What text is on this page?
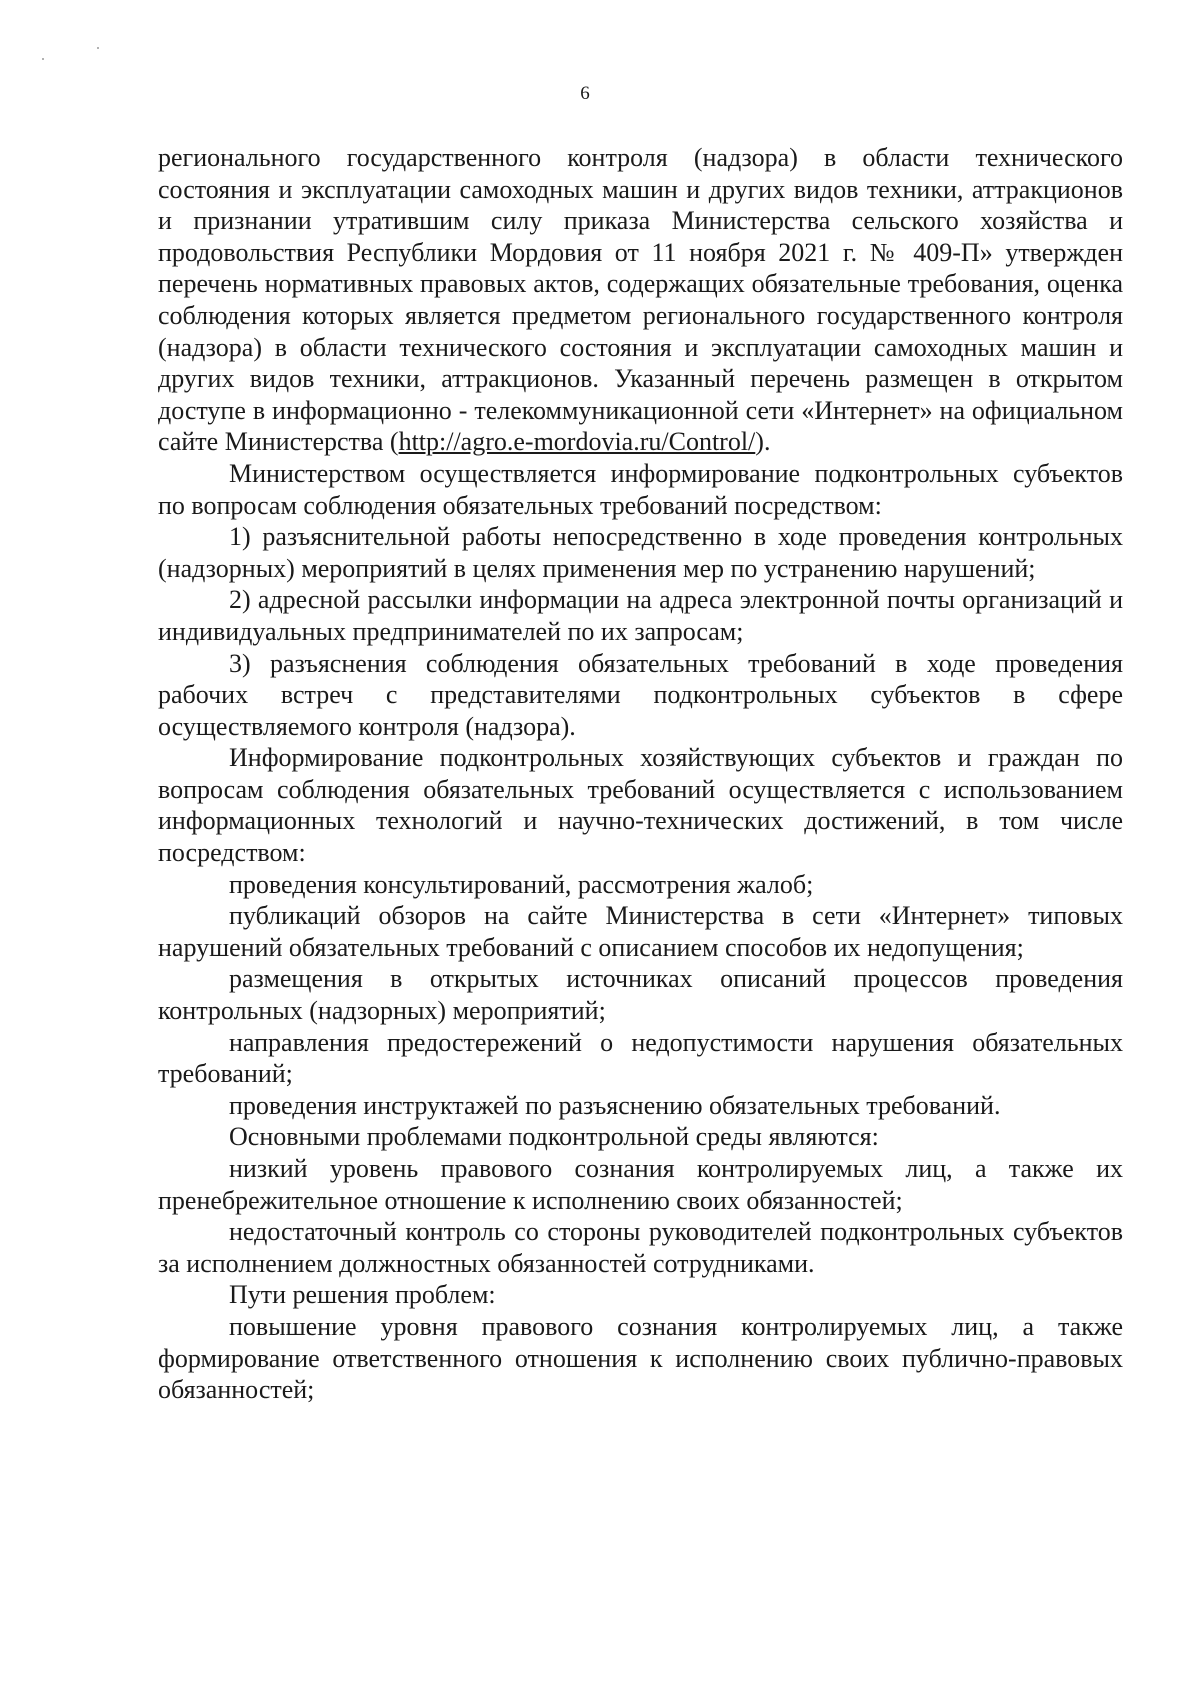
6

регионального государственного контроля (надзора) в области технического состояния и эксплуатации самоходных машин и других видов техники, аттракционов и признании утратившим силу приказа Министерства сельского хозяйства и продовольствия Республики Мордовия от 11 ноября 2021 г. № 409-П» утвержден перечень нормативных правовых актов, содержащих обязательные требования, оценка соблюдения которых является предметом регионального государственного контроля (надзора) в области технического состояния и эксплуатации самоходных машин и других видов техники, аттракционов. Указанный перечень размещен в открытом доступе в информационно - телекоммуникационной сети «Интернет» на официальном сайте Министерства (http://agro.e-mordovia.ru/Control/).

Министерством осуществляется информирование подконтрольных субъектов по вопросам соблюдения обязательных требований посредством:

1) разъяснительной работы непосредственно в ходе проведения контрольных (надзорных) мероприятий в целях применения мер по устранению нарушений;

2) адресной рассылки информации на адреса электронной почты организаций и индивидуальных предпринимателей по их запросам;

3) разъяснения соблюдения обязательных требований в ходе проведения рабочих встреч с представителями подконтрольных субъектов в сфере осуществляемого контроля (надзора).

Информирование подконтрольных хозяйствующих субъектов и граждан по вопросам соблюдения обязательных требований осуществляется с использованием информационных технологий и научно-технических достижений, в том числе посредством:

проведения консультирований, рассмотрения жалоб;

публикаций обзоров на сайте Министерства в сети «Интернет» типовых нарушений обязательных требований с описанием способов их недопущения;

размещения в открытых источниках описаний процессов проведения контрольных (надзорных) мероприятий;

направления предостережений о недопустимости нарушения обязательных требований;

проведения инструктажей по разъяснению обязательных требований.

Основными проблемами подконтрольной среды являются:

низкий уровень правового сознания контролируемых лиц, а также их пренебрежительное отношение к исполнению своих обязанностей;

недостаточный контроль со стороны руководителей подконтрольных субъектов за исполнением должностных обязанностей сотрудниками.

Пути решения проблем:

повышение уровня правового сознания контролируемых лиц, а также формирование ответственного отношения к исполнению своих публично-правовых обязанностей;
